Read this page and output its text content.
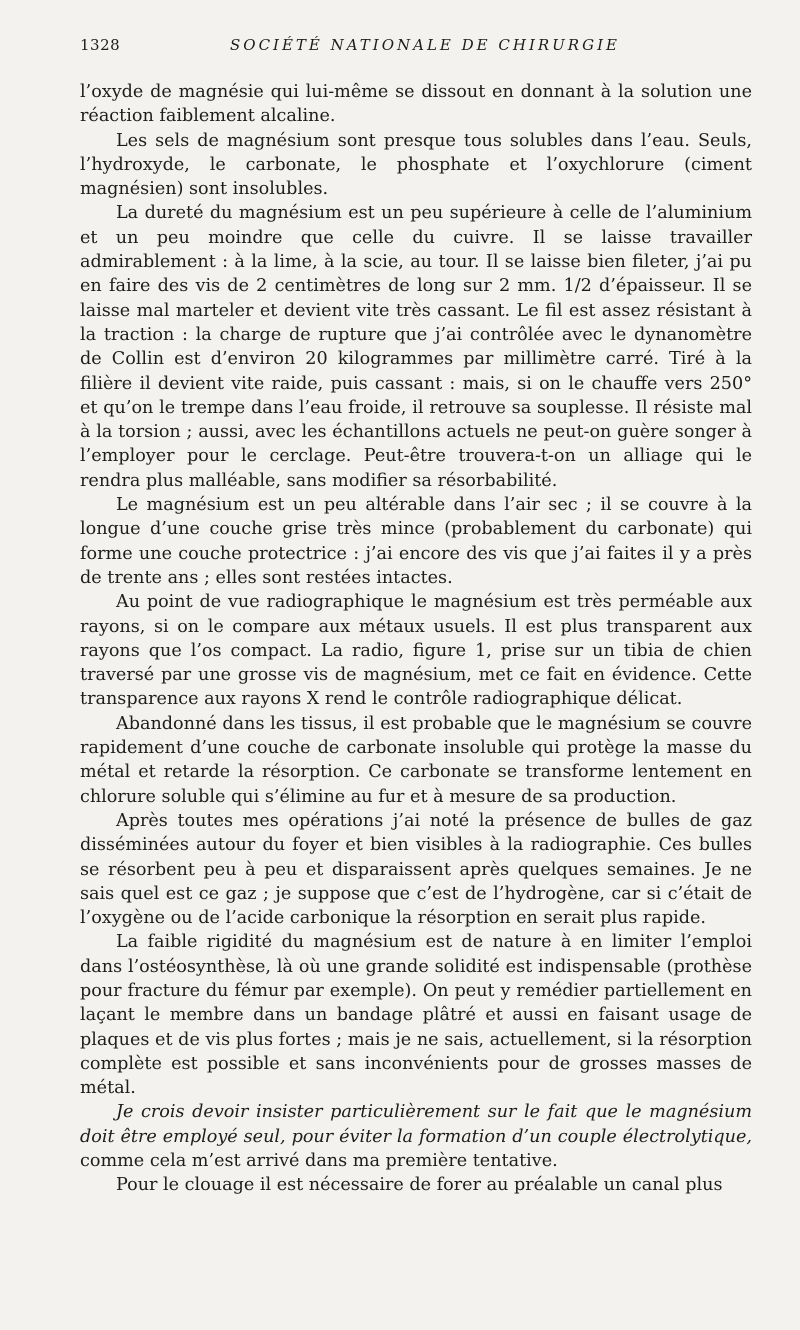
1328	SOCIÉTÉ NATIONALE DE CHIRURGIE

l’oxyde de magnésie qui lui-même se dissout en donnant à la solution une réaction faiblement alcaline.

Les sels de magnésium sont presque tous solubles dans l’eau. Seuls, l’hydroxyde, le carbonate, le phosphate et l’oxychlorure (ciment magnésien) sont insolubles.

La dureté du magnésium est un peu supérieure à celle de l’aluminium et un peu moindre que celle du cuivre. Il se laisse travailler admirablement : à la lime, à la scie, au tour. Il se laisse bien fileter, j’ai pu en faire des vis de 2 centimètres de long sur 2 mm. 1/2 d’épaisseur. Il se laisse mal marteler et devient vite très cassant. Le fil est assez résistant à la traction : la charge de rupture que j’ai contrôlée avec le dynanomètre de Collin est d’environ 20 kilogrammes par millimètre carré. Tiré à la filière il devient vite raide, puis cassant : mais, si on le chauffe vers 250° et qu’on le trempe dans l’eau froide, il retrouve sa souplesse. Il résiste mal à la torsion ; aussi, avec les échantillons actuels ne peut-on guère songer à l’employer pour le cerclage. Peut-être trouvera-t-on un alliage qui le rendra plus malléable, sans modifier sa résorbabilité.

Le magnésium est un peu altérable dans l’air sec ; il se couvre à la longue d’une couche grise très mince (probablement du carbonate) qui forme une couche protectrice : j’ai encore des vis que j’ai faites il y a près de trente ans ; elles sont restées intactes.

Au point de vue radiographique le magnésium est très perméable aux rayons, si on le compare aux métaux usuels. Il est plus transparent aux rayons que l’os compact. La radio, figure 1, prise sur un tibia de chien traversé par une grosse vis de magnésium, met ce fait en évidence. Cette transparence aux rayons X rend le contrôle radiographique délicat.

Abandonné dans les tissus, il est probable que le magnésium se couvre rapidement d’une couche de carbonate insoluble qui protège la masse du métal et retarde la résorption. Ce carbonate se transforme lentement en chlorure soluble qui s’élimine au fur et à mesure de sa production.

Après toutes mes opérations j’ai noté la présence de bulles de gaz disséminées autour du foyer et bien visibles à la radiographie. Ces bulles se résorbent peu à peu et disparaissent après quelques semaines. Je ne sais quel est ce gaz ; je suppose que c’est de l’hydrogène, car si c’était de l’oxygène ou de l’acide carbonique la résorption en serait plus rapide.

La faible rigidité du magnésium est de nature à en limiter l’emploi dans l’ostéosynthèse, là où une grande solidité est indispensable (prothèse pour fracture du fémur par exemple). On peut y remédier partiellement en laçant le membre dans un bandage plâtré et aussi en faisant usage de plaques et de vis plus fortes ; mais je ne sais, actuellement, si la résorption complète est possible et sans inconvénients pour de grosses masses de métal.

Je crois devoir insister particulièrement sur le fait que le magnésium doit être employé seul, pour éviter la formation d’un couple électrolytique, comme cela m’est arrivé dans ma première tentative.

Pour le clouage il est nécessaire de forer au préalable un canal plus
